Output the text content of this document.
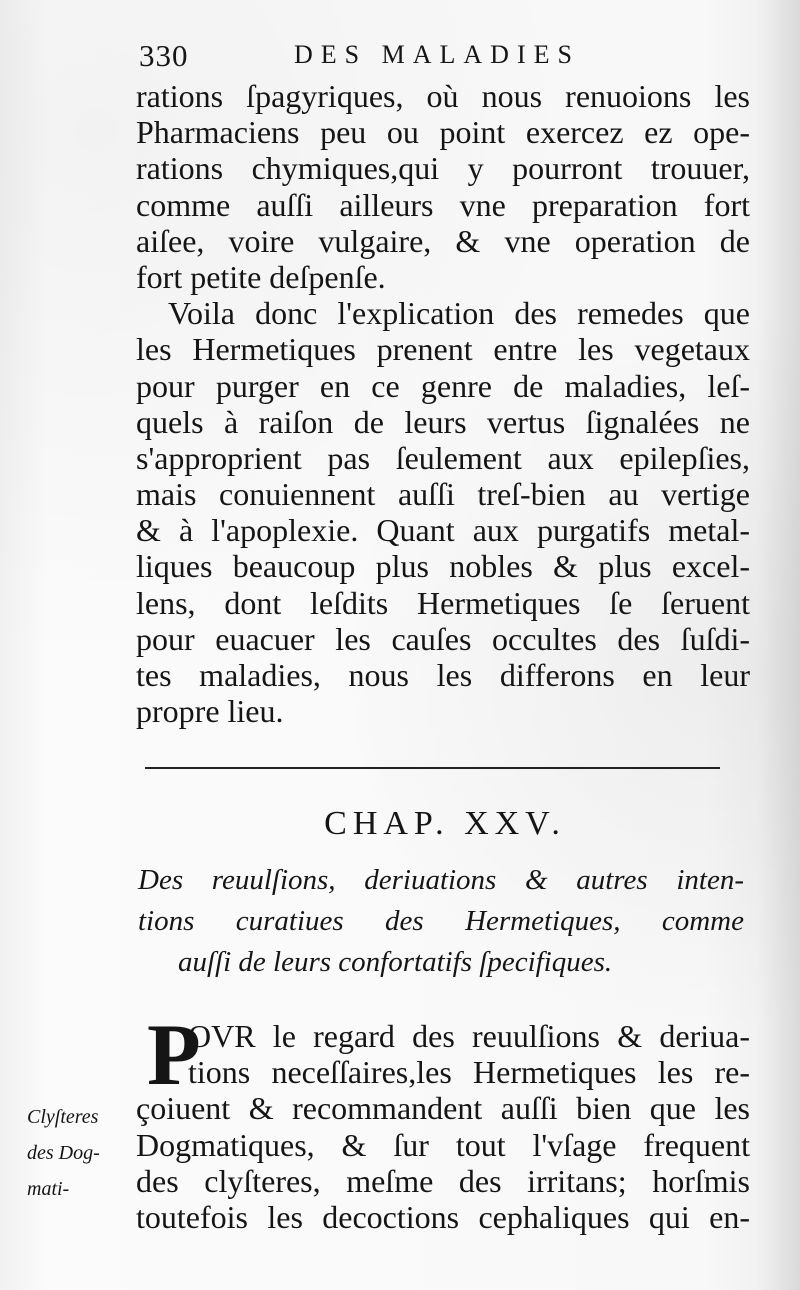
330	DES MALADIES
rations ſpagyriques, où nous renuoions les
Pharmaciens peu ou point exercez ez ope-
rations chymiques,qui y pourront trouuer,
comme auſſi ailleurs vne preparation fort
aiſee, voire vulgaire, & vne operation de
fort petite deſpenſe.
Voila donc l'explication des remedes que
les Hermetiques prenent entre les vegetaux
pour purger en ce genre de maladies, leſ-
quels à raiſon de leurs vertus ſignalées ne
s'approprient pas ſeulement aux epilepſies,
mais conuiennent auſſi treſ-bien au vertige
& à l'apoplexie. Quant aux purgatifs metal-
liques beaucoup plus nobles & plus excel-
lens, dont leſdits Hermetiques ſe ſeruent
pour euacuer les cauſes occultes des ſuſdi-
tes maladies, nous les differons en leur
propre lieu.
CHAP. XXV.
Des reuulſions, deriuations & autres inten-
tions curatiues des Hermetiques, comme
auſſi de leurs confortatifs ſpecifiques.
P
OVR le regard des reuulſions & deriua-
tions neceſſaires,les Hermetiques les re-
çoiuent & recommandent auſſi bien que les
Dogmatiques, & ſur tout l'vſage frequent
des clyſteres, meſme des irritans; horſmis
toutefois les decoctions cephaliques qui en-
Clyſteres
des Dog-
mati-
